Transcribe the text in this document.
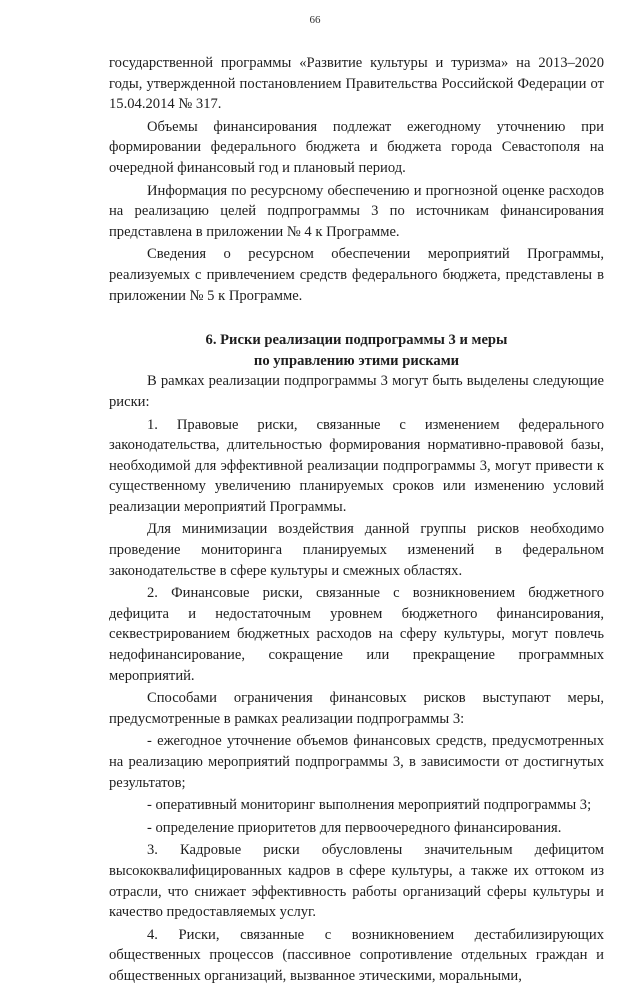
66

государственной программы «Развитие культуры и туризма» на 2013–2020 годы, утвержденной постановлением Правительства Российской Федерации от 15.04.2014 № 317.

Объемы финансирования подлежат ежегодному уточнению при формировании федерального бюджета и бюджета города Севастополя на очередной финансовый год и плановый период.

Информация по ресурсному обеспечению и прогнозной оценке расходов на реализацию целей подпрограммы 3 по источникам финансирования представлена в приложении № 4 к Программе.

Сведения о ресурсном обеспечении мероприятий Программы, реализуемых с привлечением средств федерального бюджета, представлены в приложении № 5 к Программе.

6. Риски реализации подпрограммы 3 и меры
по управлению этими рисками

В рамках реализации подпрограммы 3 могут быть выделены следующие риски:

1. Правовые риски, связанные с изменением федерального законодательства, длительностью формирования нормативно-правовой базы, необходимой для эффективной реализации подпрограммы 3, могут привести к существенному увеличению планируемых сроков или изменению условий реализации мероприятий Программы.

Для минимизации воздействия данной группы рисков необходимо проведение мониторинга планируемых изменений в федеральном законодательстве в сфере культуры и смежных областях.

2. Финансовые риски, связанные с возникновением бюджетного дефицита и недостаточным уровнем бюджетного финансирования, секвестрированием бюджетных расходов на сферу культуры, могут повлечь недофинансирование, сокращение или прекращение программных мероприятий.

Способами ограничения финансовых рисков выступают меры, предусмотренные в рамках реализации подпрограммы 3:

- ежегодное уточнение объемов финансовых средств, предусмотренных на реализацию мероприятий подпрограммы 3, в зависимости от достигнутых результатов;

- оперативный мониторинг выполнения мероприятий подпрограммы 3;

- определение приоритетов для первоочередного финансирования.

3. Кадровые риски обусловлены значительным дефицитом высококвалифицированных кадров в сфере культуры, а также их оттоком из отрасли, что снижает эффективность работы организаций сферы культуры и качество предоставляемых услуг.

4. Риски, связанные с возникновением дестабилизирующих общественных процессов (пассивное сопротивление отдельных граждан и общественных организаций, вызванное этическими, моральными,
